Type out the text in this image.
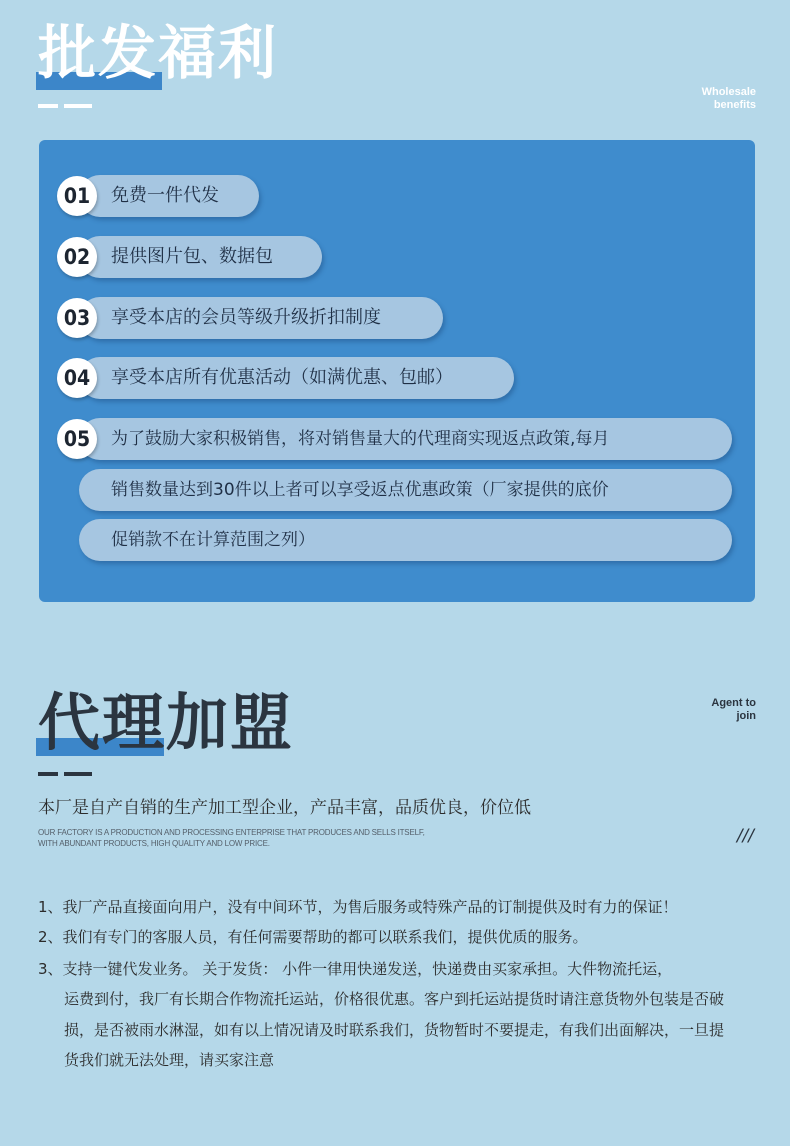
批发福利
Wholesale
benefits
免费一件代发
01
提供图片包、数据包
02
享受本店的会员等级升级折扣制度
03
享受本店所有优惠活动（如满优惠、包邮）
04
为了鼓励大家积极销售，将对销售量大的代理商实现返点政策,每月
05
销售数量达到30件以上者可以享受返点优惠政策（厂家提供的底价
促销款不在计算范围之列）
代理加盟	Agent to
join
本厂是自产自销的生产加工型企业，产品丰富，品质优良，价位低
OUR FACTORY IS A PRODUCTION AND PROCESSING ENTERPRISE THAT PRODUCES AND SELLS ITSELF,
WITH ABUNDANT PRODUCTS, HIGH QUALITY AND LOW PRICE.	///
1、我厂产品直接面向用户，没有中间环节，为售后服务或特殊产品的订制提供及时有力的保证！
2、我们有专门的客服人员，有任何需要帮助的都可以联系我们，提供优质的服务。
3、支持一键代发业务。 关于发货： 小件一律用快递发送，快递费由买家承担。大件物流托运，
运费到付，我厂有长期合作物流托运站，价格很优惠。客户到托运站提货时请注意货物外包装是否破
损，是否被雨水淋湿，如有以上情况请及时联系我们，货物暂时不要提走，有我们出面解决，一旦提
货我们就无法处理，请买家注意
